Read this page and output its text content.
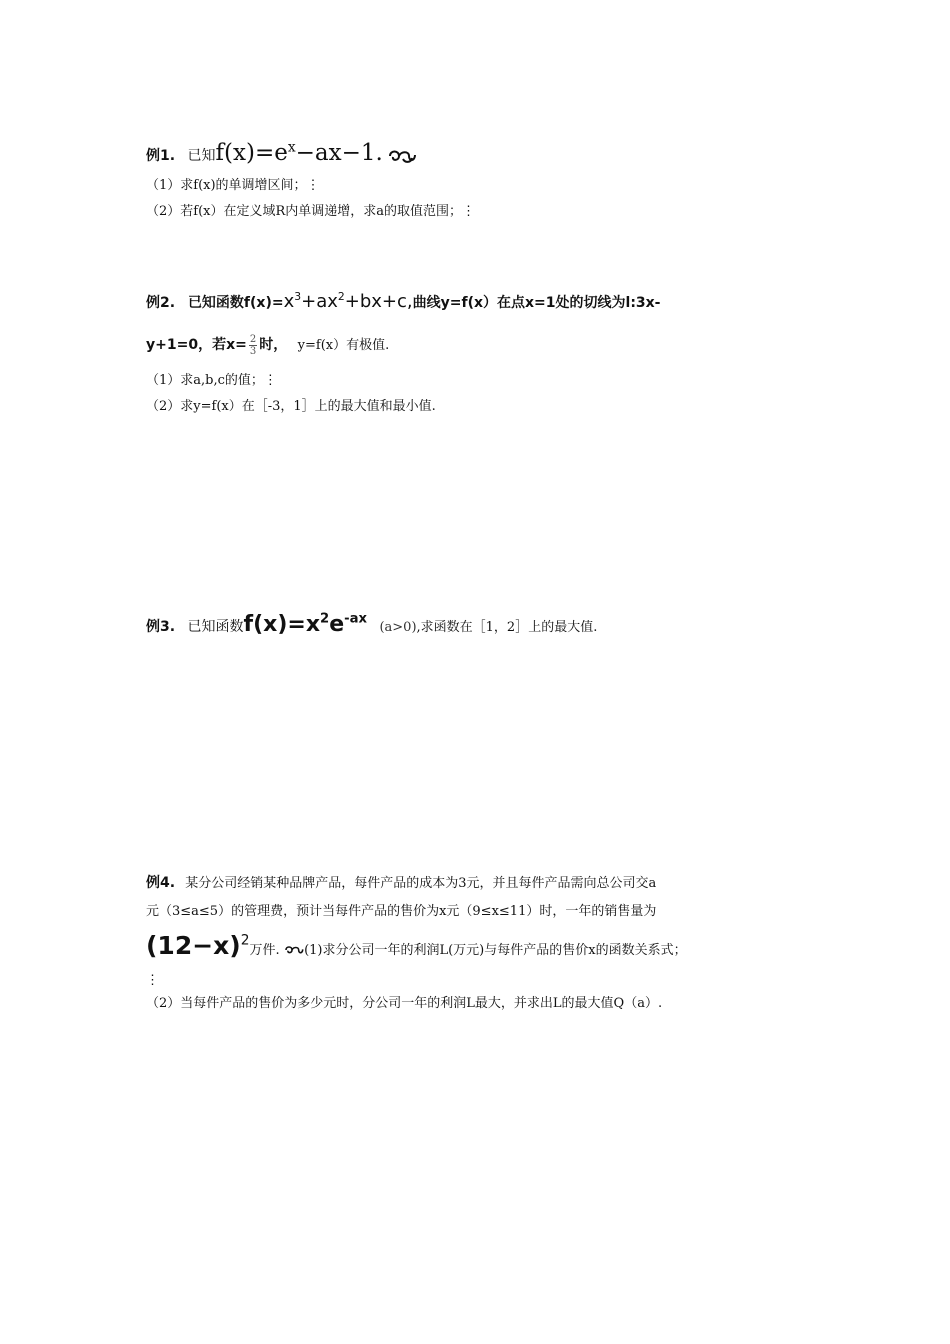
例1. 已知$f(x)=e^x-ax-1$.
（1）求f(x)的单调增区间；⋮
（2）若f(x）在定义域R内单调递增，求a的取值范围；⋮
例2. 已知函数$f(x)=x^3+ax^2+bx+c$,曲线y=f(x）在点x=1处的切线为l:3x-
y+1=0，若$x= \frac{2}{3}$ 时， y=f(x）有极值.
（1）求a,b,c的值；⋮
（2）求y=f(x）在［-3，1］上的最大值和最小值.
例3. 已知函数$f(x)=x^2e^{-ax}$ (a>0),求函数在［1，2］上的最大值.
例4. 某分公司经销某种品牌产品，每件产品的成本为3元，并且每件产品需向总公司交a
元（3≤a≤5）的管理费，预计当每件产品的售价为x元（9≤x≤11）时，一年的销售量为
$(12-x)^2$万件. (1)求分公司一年的利润L(万元)与每件产品的售价x的函数关系式；
⋮
（2）当每件产品的售价为多少元时，分公司一年的利润L最大，并求出L的最大值Q（a）.
